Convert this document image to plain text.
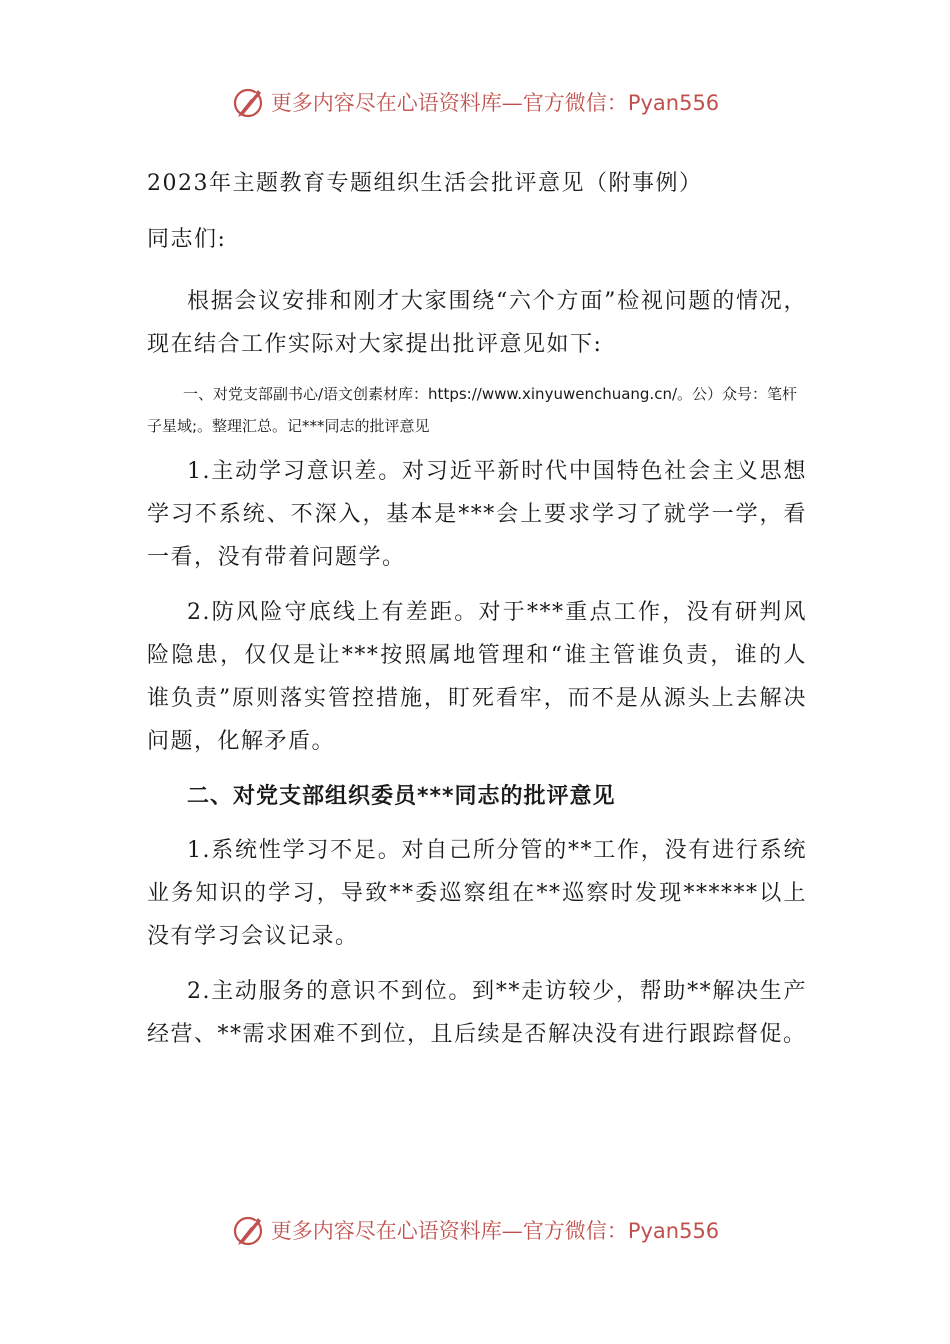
更多内容尽在心语资料库—官方微信：Pyan556
2023年主题教育专题组织生活会批评意见（附事例）
同志们:

根据会议安排和刚才大家围绕“六个方面”检视问题的情况，现在结合工作实际对大家提出批评意见如下:

一、对党支部副书心/语文创素材库：https://www.xinyuwenchuang.cn/。公）众号：笔杆子星域;。整理汇总。记***同志的批评意见

1.主动学习意识差。对习近平新时代中国特色社会主义思想学习不系统、不深入，基本是***会上要求学习了就学一学，看一看，没有带着问题学。

2.防风险守底线上有差距。对于***重点工作，没有研判风险隐患，仅仅是让***按照属地管理和“谁主管谁负责，谁的人谁负责”原则落实管控措施，盯死看牢，而不是从源头上去解决问题，化解矛盾。

二、对党支部组织委员***同志的批评意见

1.系统性学习不足。对自己所分管的**工作，没有进行系统业务知识的学习，导致**委巡察组在**巡察时发现******以上没有学习会议记录。

2.主动服务的意识不到位。到**走访较少，帮助**解决生产经营、**需求困难不到位，且后续是否解决没有进行跟踪督促。

更多内容尽在心语资料库—官方微信：Pyan556
